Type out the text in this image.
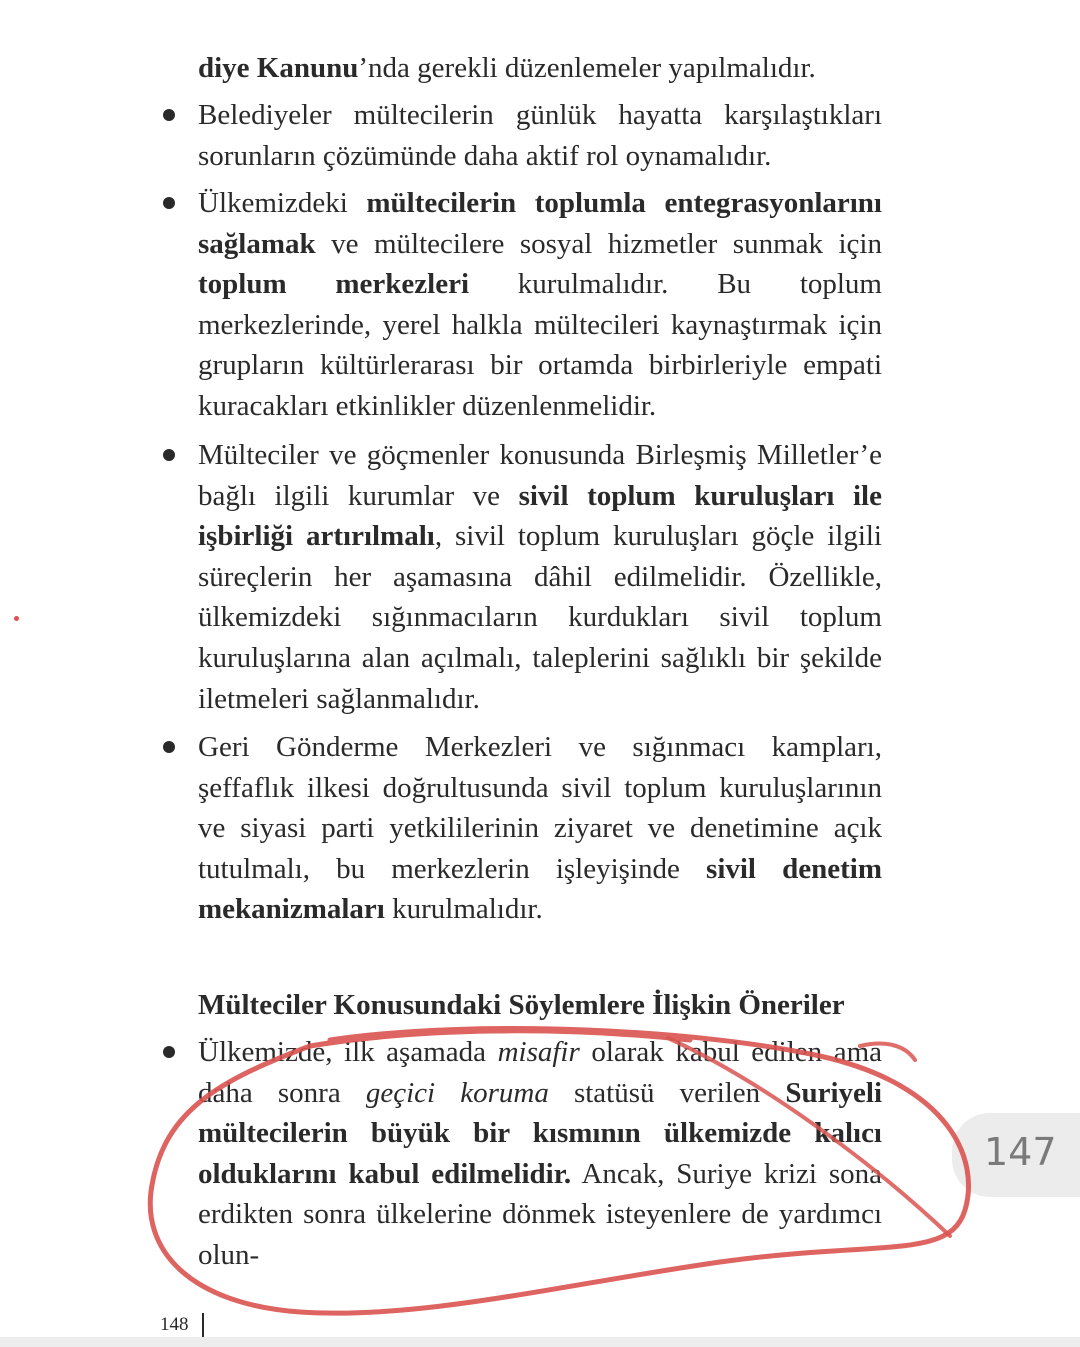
diye Kanunu’nda gerekli düzenlemeler yapılmalıdır.

Belediyeler mültecilerin günlük hayatta karşılaştıkları sorunların çözümünde daha aktif rol oynamalıdır.

Ülkemizdeki mültecilerin toplumla entegrasyonlarını sağlamak ve mültecilere sosyal hizmetler sunmak için toplum merkezleri kurulmalıdır. Bu toplum merkezlerinde, yerel halkla mültecileri kaynaştırmak için grupların kültürlerarası bir ortamda birbirleriyle empati kuracakları etkinlikler düzenlenmelidir.

Mülteciler ve göçmenler konusunda Birleşmiş Milletler’e bağlı ilgili kurumlar ve sivil toplum kuruluşları ile işbirliği artırılmalı, sivil toplum kuruluşları göçle ilgili süreçlerin her aşamasına dâhil edilmelidir. Özellikle, ülkemizdeki sığınmacıların kurdukları sivil toplum kuruluşlarına alan açılmalı, taleplerini sağlıklı bir şekilde iletmeleri sağlanmalıdır.

Geri Gönderme Merkezleri ve sığınmacı kampları, şeffaflık ilkesi doğrultusunda sivil toplum kuruluşlarının ve siyasi parti yetkililerinin ziyaret ve denetimine açık tutulmalı, bu merkezlerin işleyişinde sivil denetim mekanizmaları kurulmalıdır.

Mülteciler Konusundaki Söylemlere İlişkin Öneriler

Ülkemizde, ilk aşamada misafir olarak kabul edilen ama daha sonra geçici koruma statüsü verilen Suriyeli mültecilerin büyük bir kısmının ülkemizde kalıcı olduklarını kabul edilmelidir. Ancak, Suriye krizi sona erdikten sonra ülkelerine dönmek isteyenlere de yardımcı olun-

147
148
